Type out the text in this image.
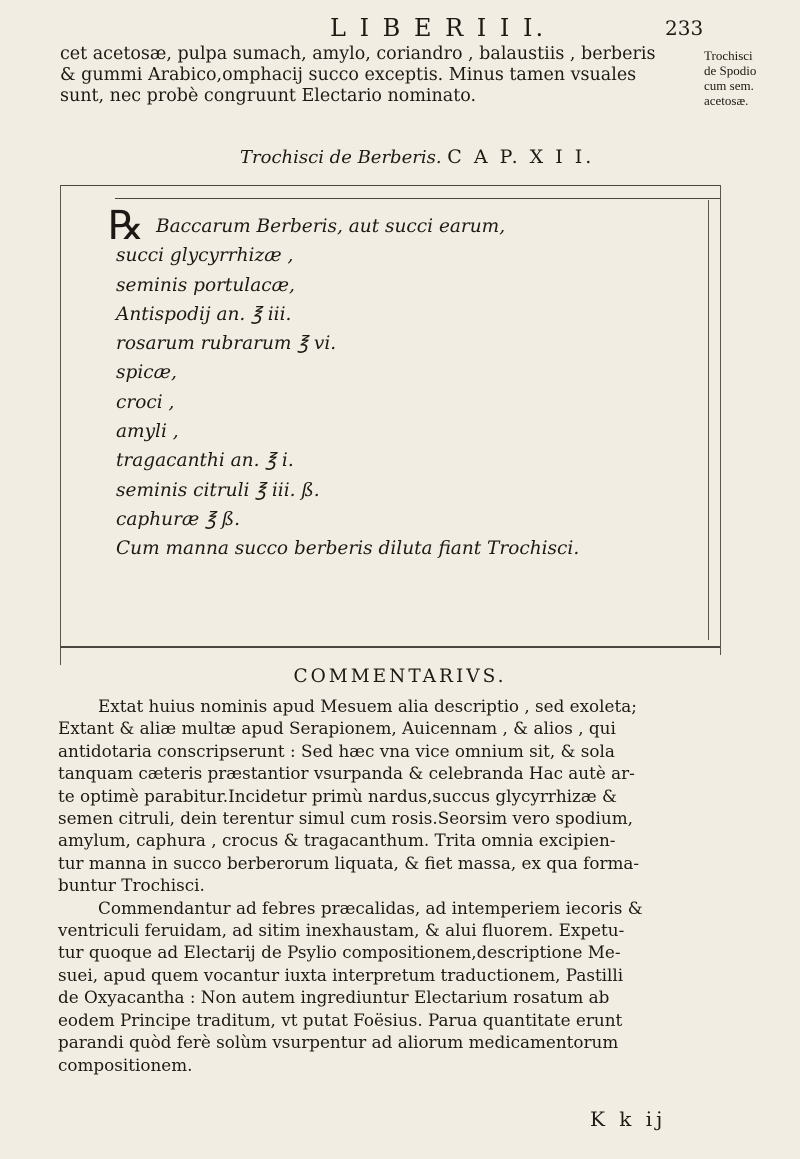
L I B E R I I I.	233
cet acetosæ, pulpa sumach, amylo, coriandro , balaustiis , berberis
& gummi Arabico,omphacij succo exceptis. Minus tamen vsuales
sunt, nec probè congruunt Electario nominato.
Trochisci
de Spodio
cum sem.
acetosæ.
Trochisci de Berberis. C A P. X I I.
℞ Baccarum Berberis, aut succi earum,
succi glycyrrhizæ ,
seminis portulacæ,
Antispodij an. ℥ iii.
rosarum rubrarum ℥ vi.
spicæ,
croci ,
amyli ,
tragacanthi an. ℥ i.
seminis citruli ℥ iii. ß.
caphuræ ℥ ß.
Cum manna succo berberis diluta fiant Trochisci.
COMMENTARIVS.
Extat huius nominis apud Mesuem alia descriptio , sed exoleta;
Extant & aliæ multæ apud Serapionem, Auicennam , & alios , qui
antidotaria conscripserunt : Sed hæc vna vice omnium sit, & sola
tanquam cæteris præstantior vsurpanda & celebranda Hac autè ar-
te optimè parabitur.Incidetur primù nardus,succus glycyrrhizæ &
semen citruli, dein terentur simul cum rosis.Seorsim vero spodium,
amylum, caphura , crocus & tragacanthum. Trita omnia excipien-
tur manna in succo berberorum liquata, & fiet massa, ex qua forma-
buntur Trochisci.
Commendantur ad febres præcalidas, ad intemperiem iecoris &
ventriculi feruidam, ad sitim inexhaustam, & alui fluorem. Expetu-
tur quoque ad Electarij de Psylio compositionem,descriptione Me-
suei, apud quem vocantur iuxta interpretum traductionem, Pastilli
de Oxyacantha : Non autem ingrediuntur Electarium rosatum ab
eodem Principe traditum, vt putat Foësius. Parua quantitate erunt
parandi quòd ferè solùm vsurpentur ad aliorum medicamentorum
compositionem.
K k ij
